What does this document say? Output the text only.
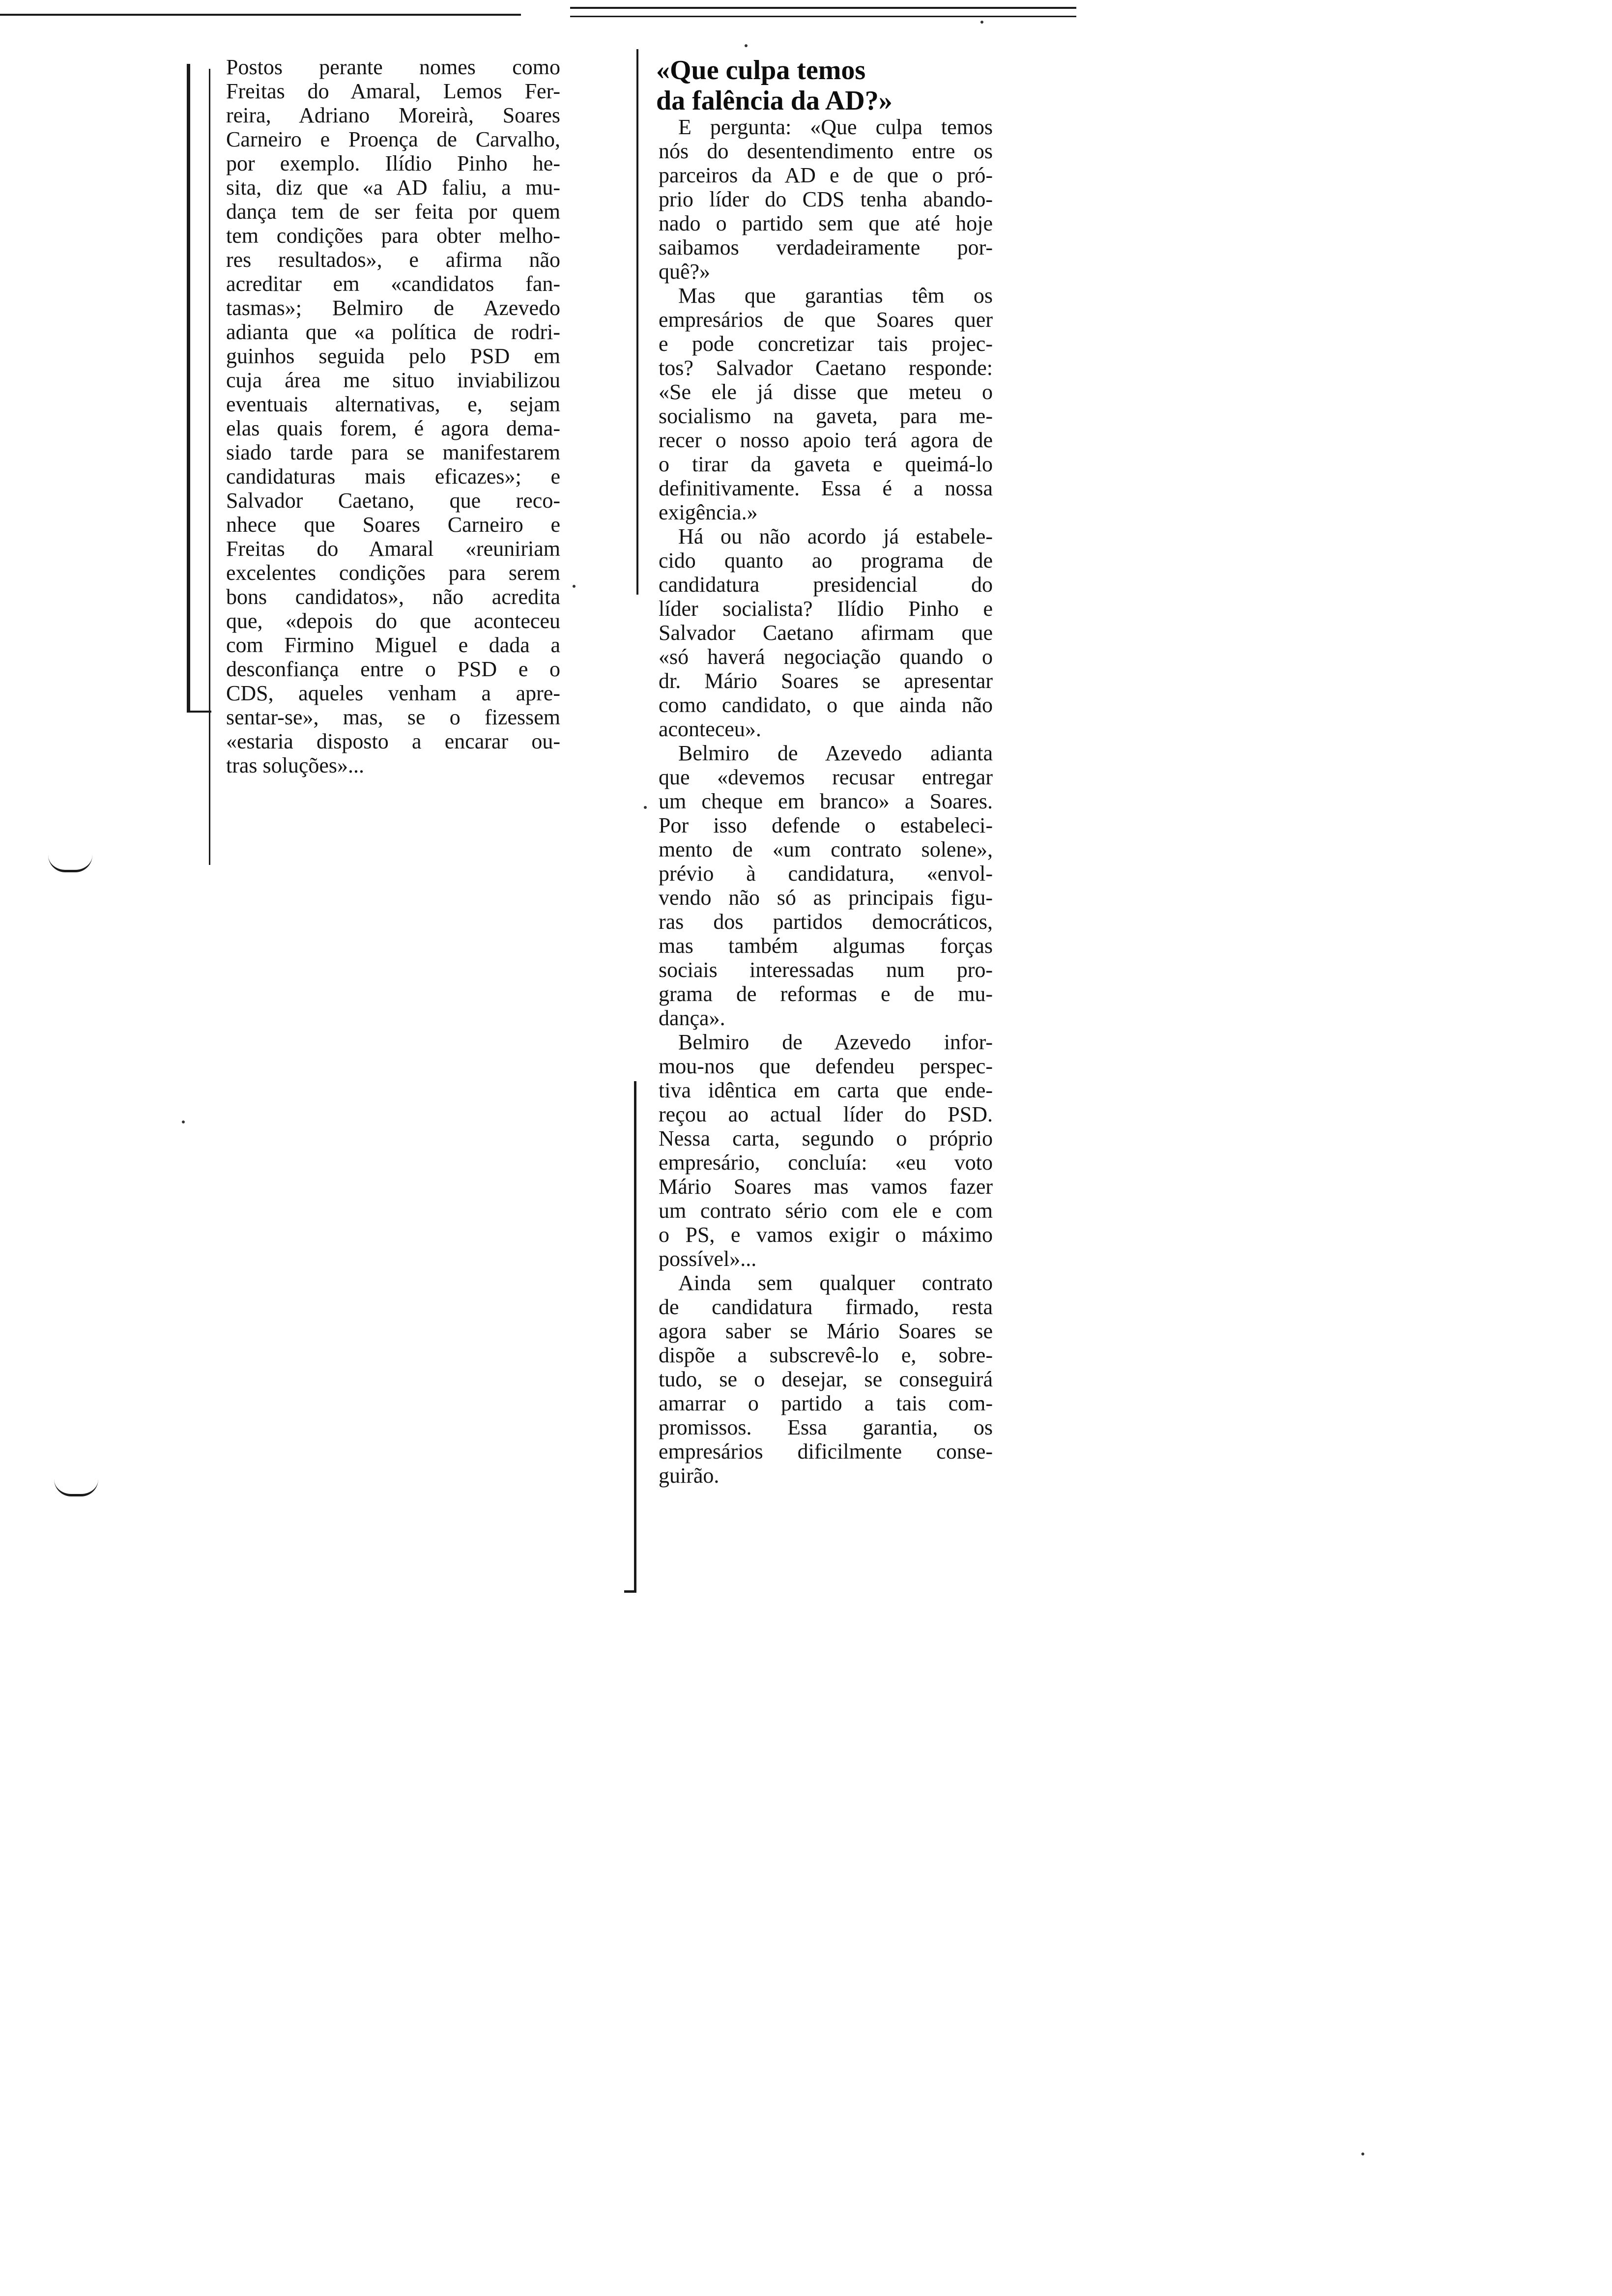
Postos perante nomes como
Freitas do Amaral, Lemos Fer-
reira, Adriano Moreirà, Soares
Carneiro e Proença de Carvalho,
por exemplo. Ilídio Pinho he-
sita, diz que «a AD faliu, a mu-
dança tem de ser feita por quem
tem condições para obter melho-
res resultados», e afirma não
acreditar em «candidatos fan-
tasmas»; Belmiro de Azevedo
adianta que «a política de rodri-
guinhos seguida pelo PSD em
cuja área me situo inviabilizou
eventuais alternativas, e, sejam
elas quais forem, é agora dema-
siado tarde para se manifestarem
candidaturas mais eficazes»; e
Salvador Caetano, que reco-
nhece que Soares Carneiro e
Freitas do Amaral «reuniriam
excelentes condições para serem
bons candidatos», não acredita
que, «depois do que aconteceu
com Firmino Miguel e dada a
desconfiança entre o PSD e o
CDS, aqueles venham a apre-
sentar-se», mas, se o fizessem
«estaria disposto a encarar ou-
tras soluções»...
«Que culpa temos
da falência da AD?»

E pergunta: «Que culpa temos
nós do desentendimento entre os
parceiros da AD e de que o pró-
prio líder do CDS tenha abando-
nado o partido sem que até hoje
saibamos verdadeiramente por-
quê?»

Mas que garantias têm os
empresários de que Soares quer
e pode concretizar tais projec-
tos? Salvador Caetano responde:
«Se ele já disse que meteu o
socialismo na gaveta, para me-
recer o nosso apoio terá agora de
o tirar da gaveta e queimá-lo
definitivamente. Essa é a nossa
exigência.»

Há ou não acordo já estabele-
cido quanto ao programa de
candidatura presidencial do
líder socialista? Ilídio Pinho e
Salvador Caetano afirmam que
«só haverá negociação quando o
dr. Mário Soares se apresentar
como candidato, o que ainda não
aconteceu».

Belmiro de Azevedo adianta
que «devemos recusar entregar
um cheque em branco» a Soares.
Por isso defende o estabeleci-
mento de «um contrato solene»,
prévio à candidatura, «envol-
vendo não só as principais figu-
ras dos partidos democráticos,
mas também algumas forças
sociais interessadas num pro-
grama de reformas e de mu-
dança».

Belmiro de Azevedo infor-
mou-nos que defendeu perspec-
tiva idêntica em carta que ende-
reçou ao actual líder do PSD.
Nessa carta, segundo o próprio
empresário, concluía: «eu voto
Mário Soares mas vamos fazer
um contrato sério com ele e com
o PS, e vamos exigir o máximo
possível»...

Ainda sem qualquer contrato
de candidatura firmado, resta
agora saber se Mário Soares se
dispõe a subscrevê-lo e, sobre-
tudo, se o desejar, se conseguirá
amarrar o partido a tais com-
promissos. Essa garantia, os
empresários dificilmente conse-
guirão.
